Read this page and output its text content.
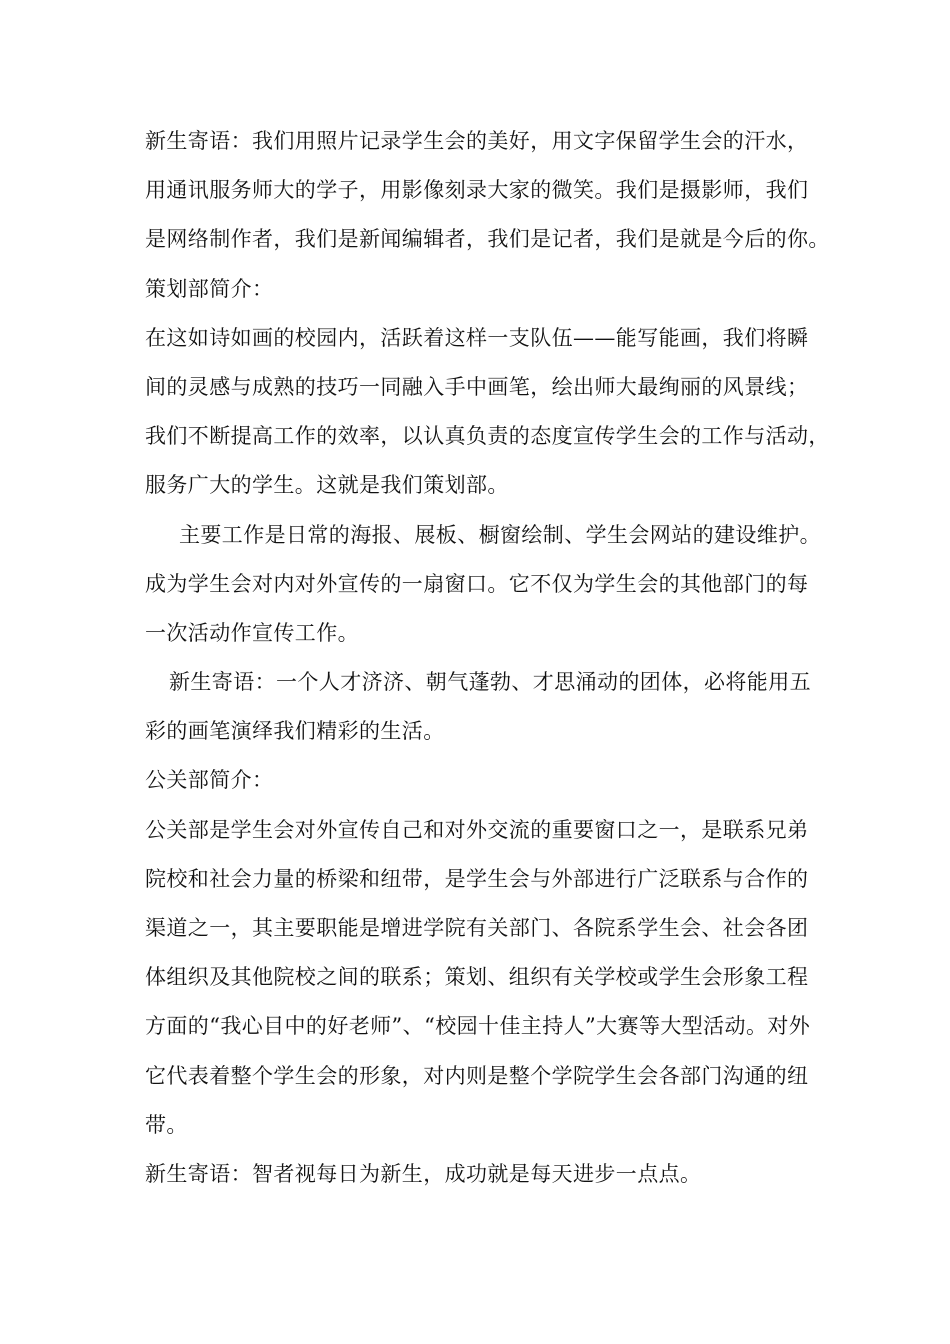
新生寄语：我们用照片记录学生会的美好，用文字保留学生会的汗水，
用通讯服务师大的学子，用影像刻录大家的微笑。我们是摄影师，我们
是网络制作者，我们是新闻编辑者，我们是记者，我们是就是今后的你。
策划部简介：
在这如诗如画的校园内，活跃着这样一支队伍——能写能画，我们将瞬
间的灵感与成熟的技巧一同融入手中画笔，绘出师大最绚丽的风景线；
我们不断提高工作的效率，以认真负责的态度宣传学生会的工作与活动，
服务广大的学生。这就是我们策划部。
主要工作是日常的海报、展板、橱窗绘制、学生会网站的建设维护。
成为学生会对内对外宣传的一扇窗口。它不仅为学生会的其他部门的每
一次活动作宣传工作。
新生寄语：一个人才济济、朝气蓬勃、才思涌动的团体，必将能用五
彩的画笔演绎我们精彩的生活。
公关部简介：
公关部是学生会对外宣传自己和对外交流的重要窗口之一，是联系兄弟
院校和社会力量的桥梁和纽带，是学生会与外部进行广泛联系与合作的
渠道之一，其主要职能是增进学院有关部门、各院系学生会、社会各团
体组织及其他院校之间的联系；策划、组织有关学校或学生会形象工程
方面的“我心目中的好老师”、“校园十佳主持人”大赛等大型活动。对外
它代表着整个学生会的形象，对内则是整个学院学生会各部门沟通的纽
带。
新生寄语：智者视每日为新生，成功就是每天进步一点点。
